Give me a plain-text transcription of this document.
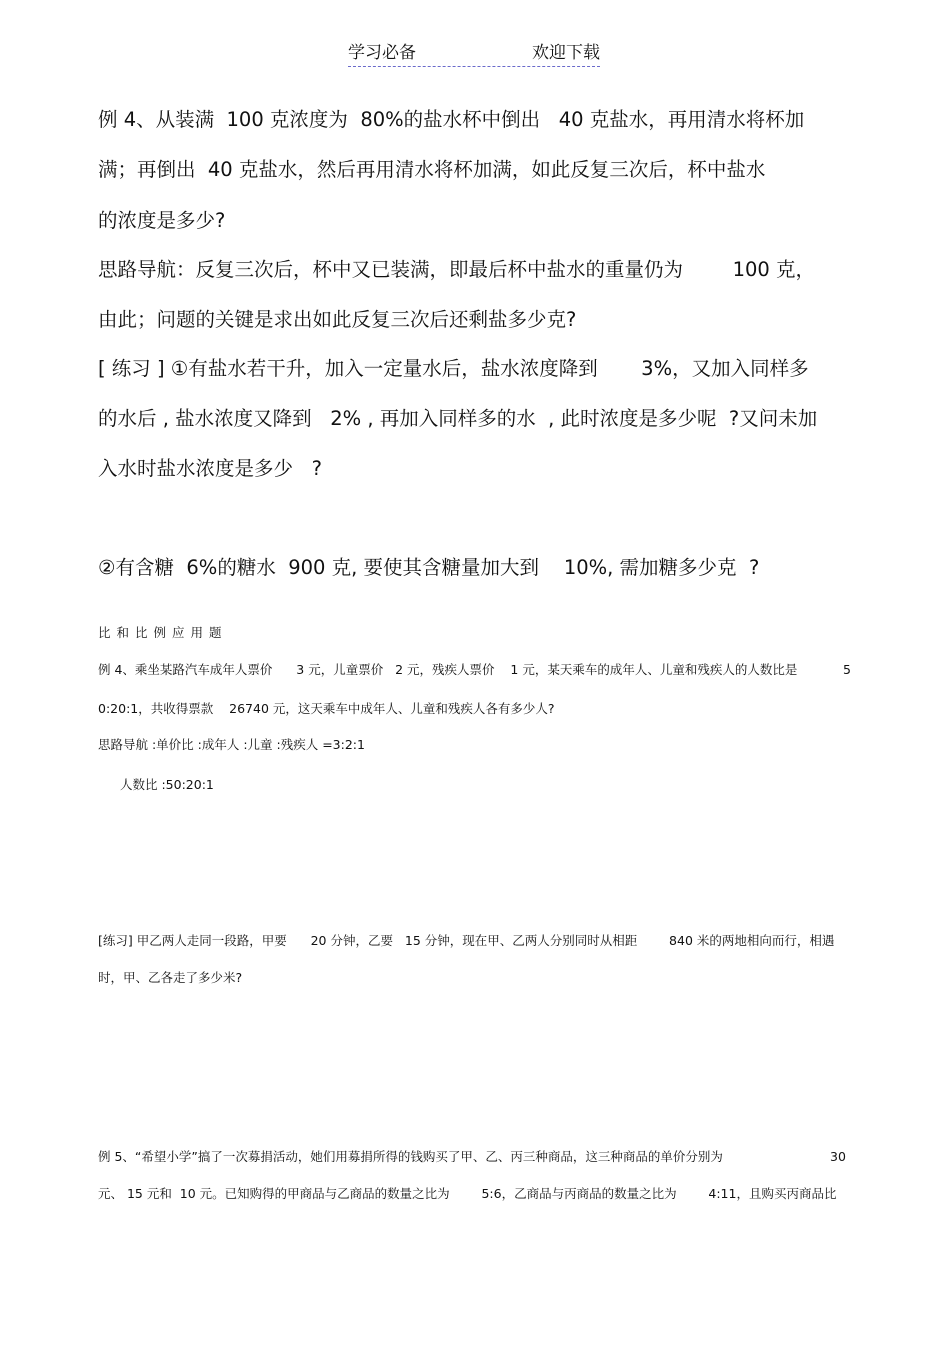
学习必备	欢迎下载
例 4、从装满  100 克浓度为  80%的盐水杯中倒出   40 克盐水，再用清水将杯加
满；再倒出  40 克盐水，然后再用清水将杯加满，如此反复三次后，杯中盐水
的浓度是多少?
思路导航：反复三次后，杯中又已装满，即最后杯中盐水的重量仍为        100 克，
由此；问题的关键是求出如此反复三次后还剩盐多少克?
[ 练习 ] ①有盐水若干升，加入一定量水后，盐水浓度降到       3%，又加入同样多
的水后 , 盐水浓度又降到   2% , 再加入同样多的水  , 此时浓度是多少呢  ?又问未加
入水时盐水浓度是多少   ?
②有含糖  6%的糖水  900 克, 要使其含糖量加大到    10%, 需加糖多少克  ?
比和比例应用题
例 4、乘坐某路汽车成年人票价      3 元，儿童票价   2 元，残疾人票价    1 元，某天乘车的成年人、儿童和残疾人的人数比是	5
0:20:1，共收得票款    26740 元，这天乘车中成年人、儿童和残疾人各有多少人?
思路导航 :单价比 :成年人 :儿童 :残疾人 =3:2:1
人数比 :50:20:1
[练习] 甲乙两人走同一段路，甲要      20 分钟，乙要   15 分钟，现在甲、乙两人分别同时从相距        840 米的两地相向而行，相遇
时，甲、乙各走了多少米?
例 5、“希望小学”搞了一次募捐活动，她们用募捐所得的钱购买了甲、乙、丙三种商品，这三种商品的单价分别为	30
元、 15 元和  10 元。已知购得的甲商品与乙商品的数量之比为        5:6，乙商品与丙商品的数量之比为        4:11，且购买丙商品比
